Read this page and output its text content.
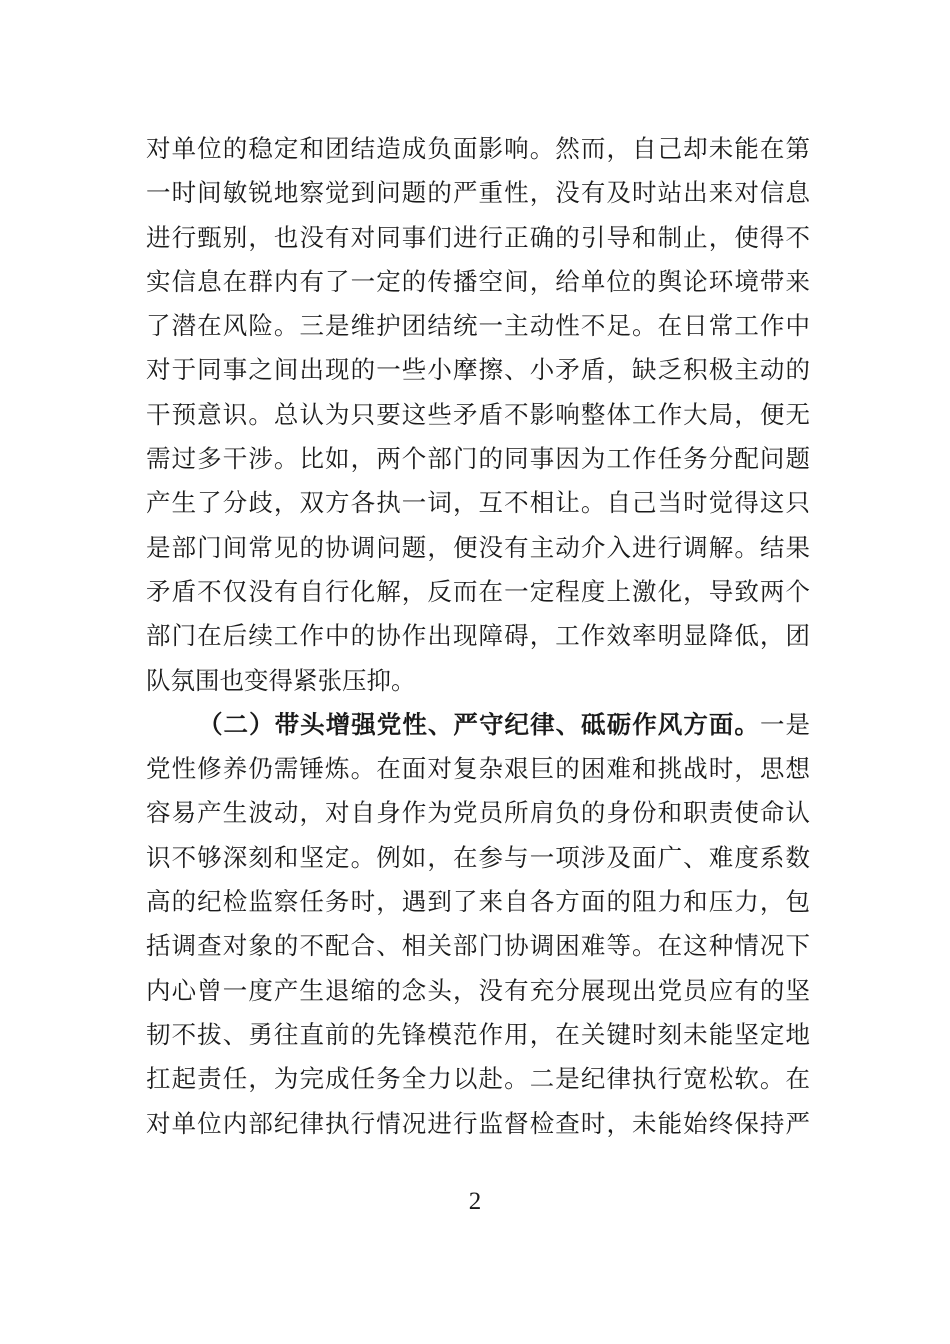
对单位的稳定和团结造成负面影响。然而，自己却未能在第
一时间敏锐地察觉到问题的严重性，没有及时站出来对信息
进行甄别，也没有对同事们进行正确的引导和制止，使得不
实信息在群内有了一定的传播空间，给单位的舆论环境带来
了潜在风险。三是维护团结统一主动性不足。在日常工作中
对于同事之间出现的一些小摩擦、小矛盾，缺乏积极主动的
干预意识。总认为只要这些矛盾不影响整体工作大局，便无
需过多干涉。比如，两个部门的同事因为工作任务分配问题
产生了分歧，双方各执一词，互不相让。自己当时觉得这只
是部门间常见的协调问题，便没有主动介入进行调解。结果
矛盾不仅没有自行化解，反而在一定程度上激化，导致两个
部门在后续工作中的协作出现障碍，工作效率明显降低，团
队氛围也变得紧张压抑。
（二）带头增强党性、严守纪律、砥砺作风方面。一是
党性修养仍需锤炼。在面对复杂艰巨的困难和挑战时，思想
容易产生波动，对自身作为党员所肩负的身份和职责使命认
识不够深刻和坚定。例如，在参与一项涉及面广、难度系数
高的纪检监察任务时，遇到了来自各方面的阻力和压力，包
括调查对象的不配合、相关部门协调困难等。在这种情况下
内心曾一度产生退缩的念头，没有充分展现出党员应有的坚
韧不拔、勇往直前的先锋模范作用，在关键时刻未能坚定地
扛起责任，为完成任务全力以赴。二是纪律执行宽松软。在
对单位内部纪律执行情况进行监督检查时，未能始终保持严
2
